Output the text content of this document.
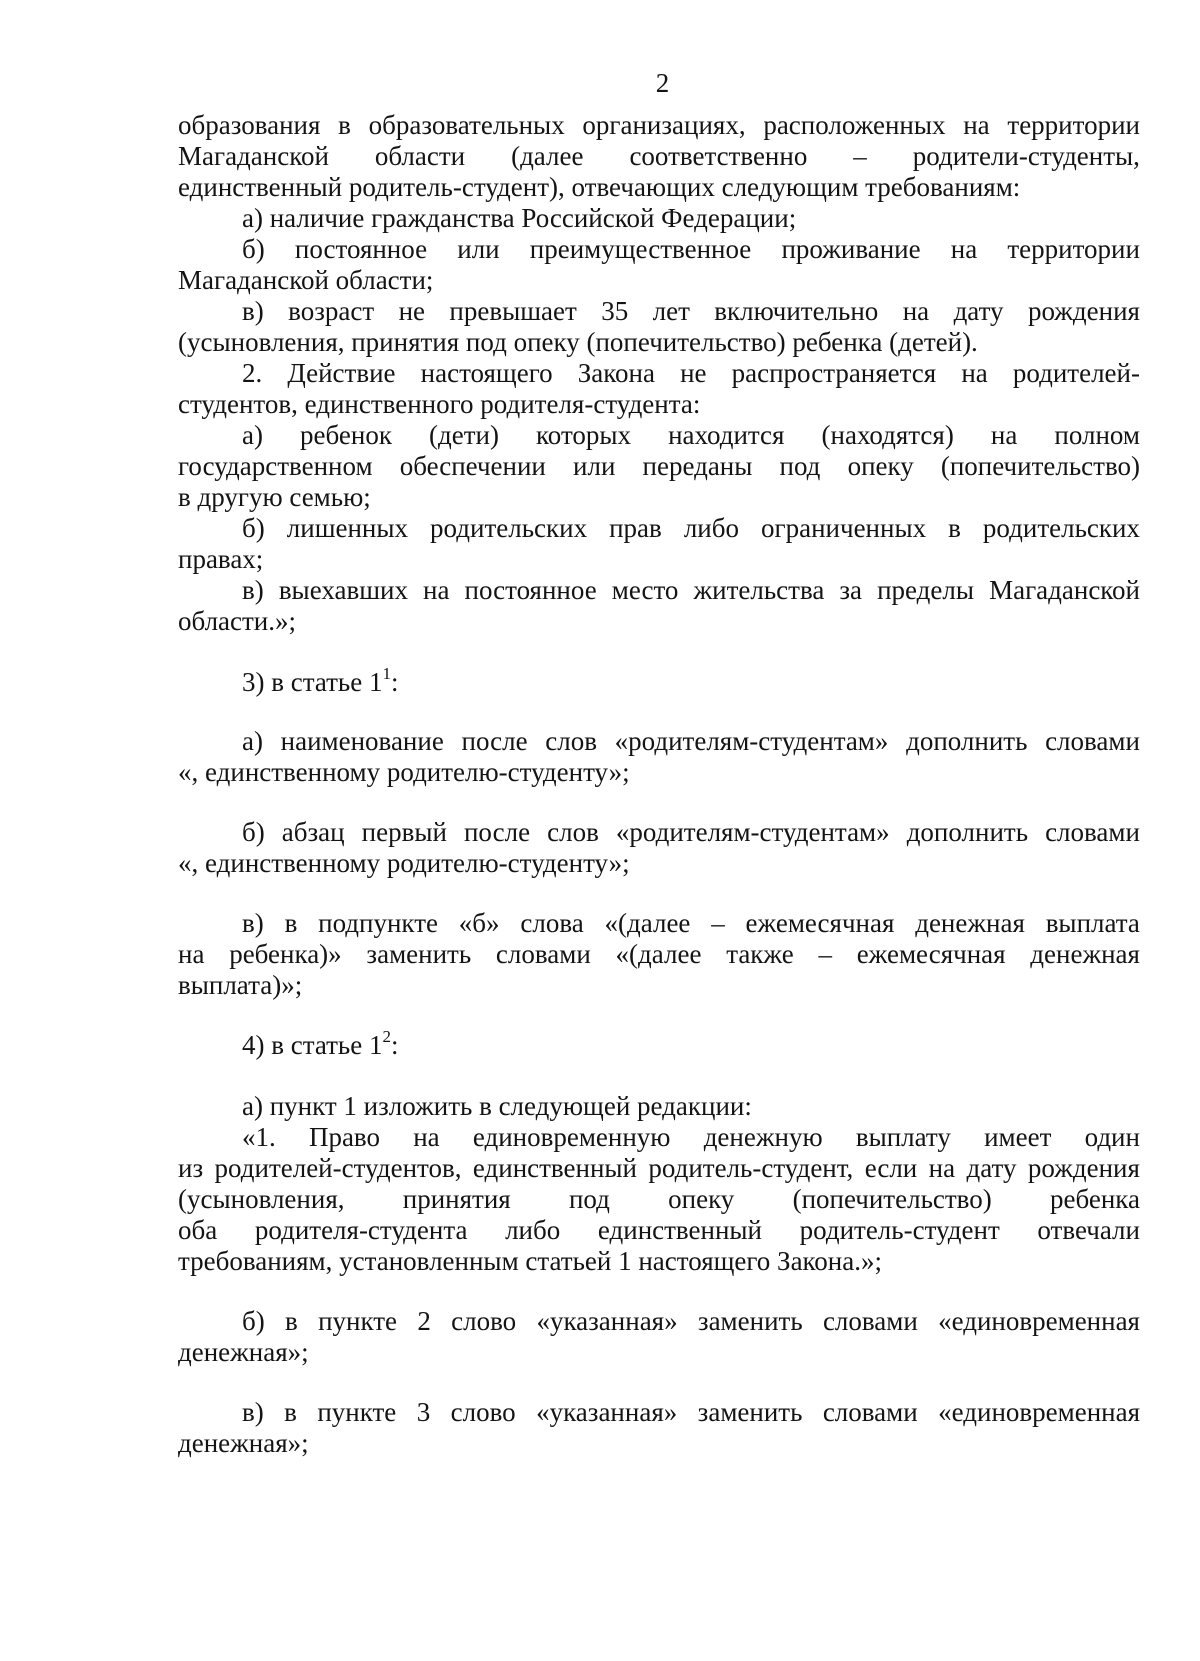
2
образования в образовательных организациях, расположенных на территории
Магаданской области (далее соответственно – родители-студенты,
единственный родитель-студент), отвечающих следующим требованиям:
а) наличие гражданства Российской Федерации;
б) постоянное или преимущественное проживание на территории
Магаданской области;
в) возраст не превышает 35 лет включительно на дату рождения
(усыновления, принятия под опеку (попечительство) ребенка (детей).
2. Действие настоящего Закона не распространяется на родителей-
студентов, единственного родителя-студента:
а) ребенок (дети) которых находится (находятся) на полном
государственном обеспечении или переданы под опеку (попечительство)
в другую семью;
б) лишенных родительских прав либо ограниченных в родительских
правах;
в) выехавших на постоянное место жительства за пределы Магаданской
области.»;
3) в статье $1^1$:
а) наименование после слов «родителям-студентам» дополнить словами
«, единственному родителю-студенту»;
б) абзац первый после слов «родителям-студентам» дополнить словами
«, единственному родителю-студенту»;
в) в подпункте «б» слова «(далее – ежемесячная денежная выплата
на ребенка)» заменить словами «(далее также – ежемесячная денежная
выплата)»;
4) в статье $1^2$:
а) пункт 1 изложить в следующей редакции:
«1. Право на единовременную денежную выплату имеет один
из родителей-студентов, единственный родитель-студент, если на дату рождения
(усыновления, принятия под опеку (попечительство) ребенка
оба родителя-студента либо единственный родитель-студент отвечали
требованиям, установленным статьей 1 настоящего Закона.»;
б) в пункте 2 слово «указанная» заменить словами «единовременная
денежная»;
в) в пункте 3 слово «указанная» заменить словами «единовременная
денежная»;
